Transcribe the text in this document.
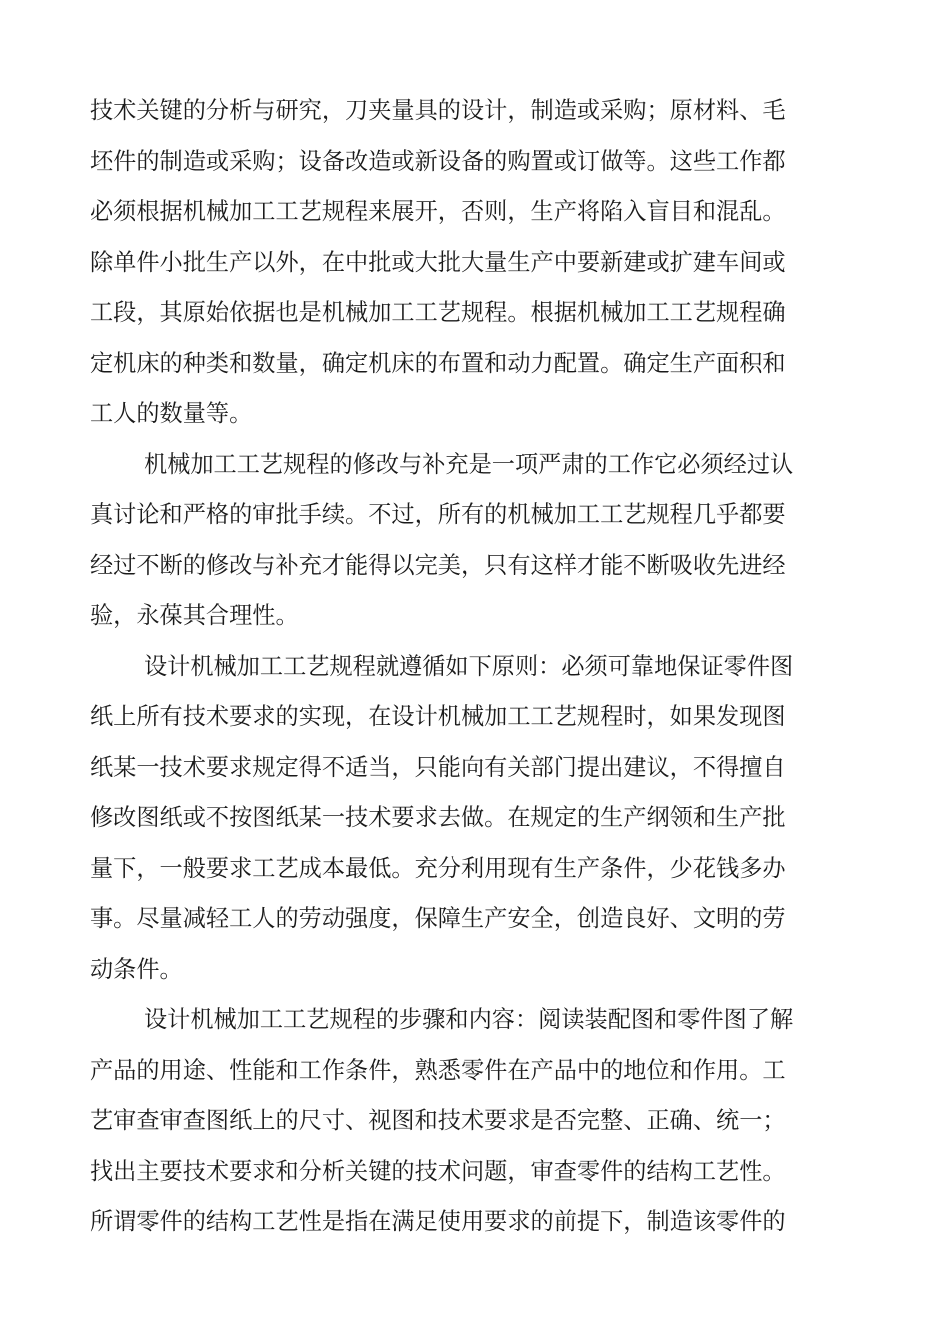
技术关键的分析与研究，刀夹量具的设计，制造或采购；原材料、毛
坯件的制造或采购；设备改造或新设备的购置或订做等。这些工作都
必须根据机械加工工艺规程来展开，否则，生产将陷入盲目和混乱。
除单件小批生产以外，在中批或大批大量生产中要新建或扩建车间或
工段，其原始依据也是机械加工工艺规程。根据机械加工工艺规程确
定机床的种类和数量，确定机床的布置和动力配置。确定生产面积和
工人的数量等。
机械加工工艺规程的修改与补充是一项严肃的工作它必须经过认
真讨论和严格的审批手续。不过，所有的机械加工工艺规程几乎都要
经过不断的修改与补充才能得以完美，只有这样才能不断吸收先进经
验，永葆其合理性。
设计机械加工工艺规程就遵循如下原则：必须可靠地保证零件图
纸上所有技术要求的实现，在设计机械加工工艺规程时，如果发现图
纸某一技术要求规定得不适当，只能向有关部门提出建议，不得擅自
修改图纸或不按图纸某一技术要求去做。在规定的生产纲领和生产批
量下，一般要求工艺成本最低。充分利用现有生产条件，少花钱多办
事。尽量减轻工人的劳动强度，保障生产安全，创造良好、文明的劳
动条件。
设计机械加工工艺规程的步骤和内容：阅读装配图和零件图了解
产品的用途、性能和工作条件，熟悉零件在产品中的地位和作用。工
艺审查审查图纸上的尺寸、视图和技术要求是否完整、正确、统一；
找出主要技术要求和分析关键的技术问题，审查零件的结构工艺性。
所谓零件的结构工艺性是指在满足使用要求的前提下，制造该零件的
